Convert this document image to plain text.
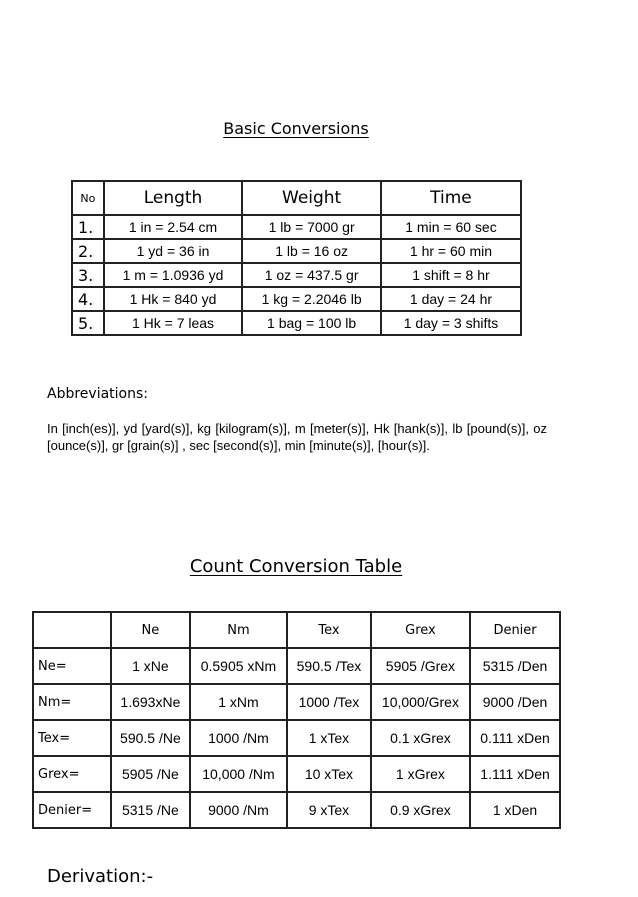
Basic Conversions
No	Length	Weight	Time
1.	1 in = 2.54 cm	1 lb = 7000 gr	1 min = 60 sec
2.	1 yd = 36 in	1 lb = 16 oz	1 hr = 60 min
3.	1 m = 1.0936 yd	1 oz = 437.5 gr	1 shift = 8 hr
4.	1 Hk = 840 yd	1 kg = 2.2046 lb	1 day = 24 hr
5.	1 Hk = 7 leas	1 bag = 100 lb	1 day = 3 shifts
Abbreviations:
In [inch(es)], yd [yard(s)], kg [kilogram(s)], m [meter(s)], Hk [hank(s)], lb [pound(s)], oz [ounce(s)], gr [grain(s)] , sec [second(s)], min [minute(s)], [hour(s)].
Count Conversion Table
	Ne	Nm	Tex	Grex	Denier
Ne=	1 xNe	0.5905 xNm	590.5 /Tex	5905 /Grex	5315 /Den
Nm=	1.693xNe	1 xNm	1000 /Tex	10,000/Grex	9000 /Den
Tex=	590.5 /Ne	1000 /Nm	1 xTex	0.1 xGrex	0.111 xDen
Grex=	5905 /Ne	10,000 /Nm	10 xTex	1 xGrex	1.111 xDen
Denier=	5315 /Ne	9000 /Nm	9 xTex	0.9 xGrex	1 xDen
Derivation:-
